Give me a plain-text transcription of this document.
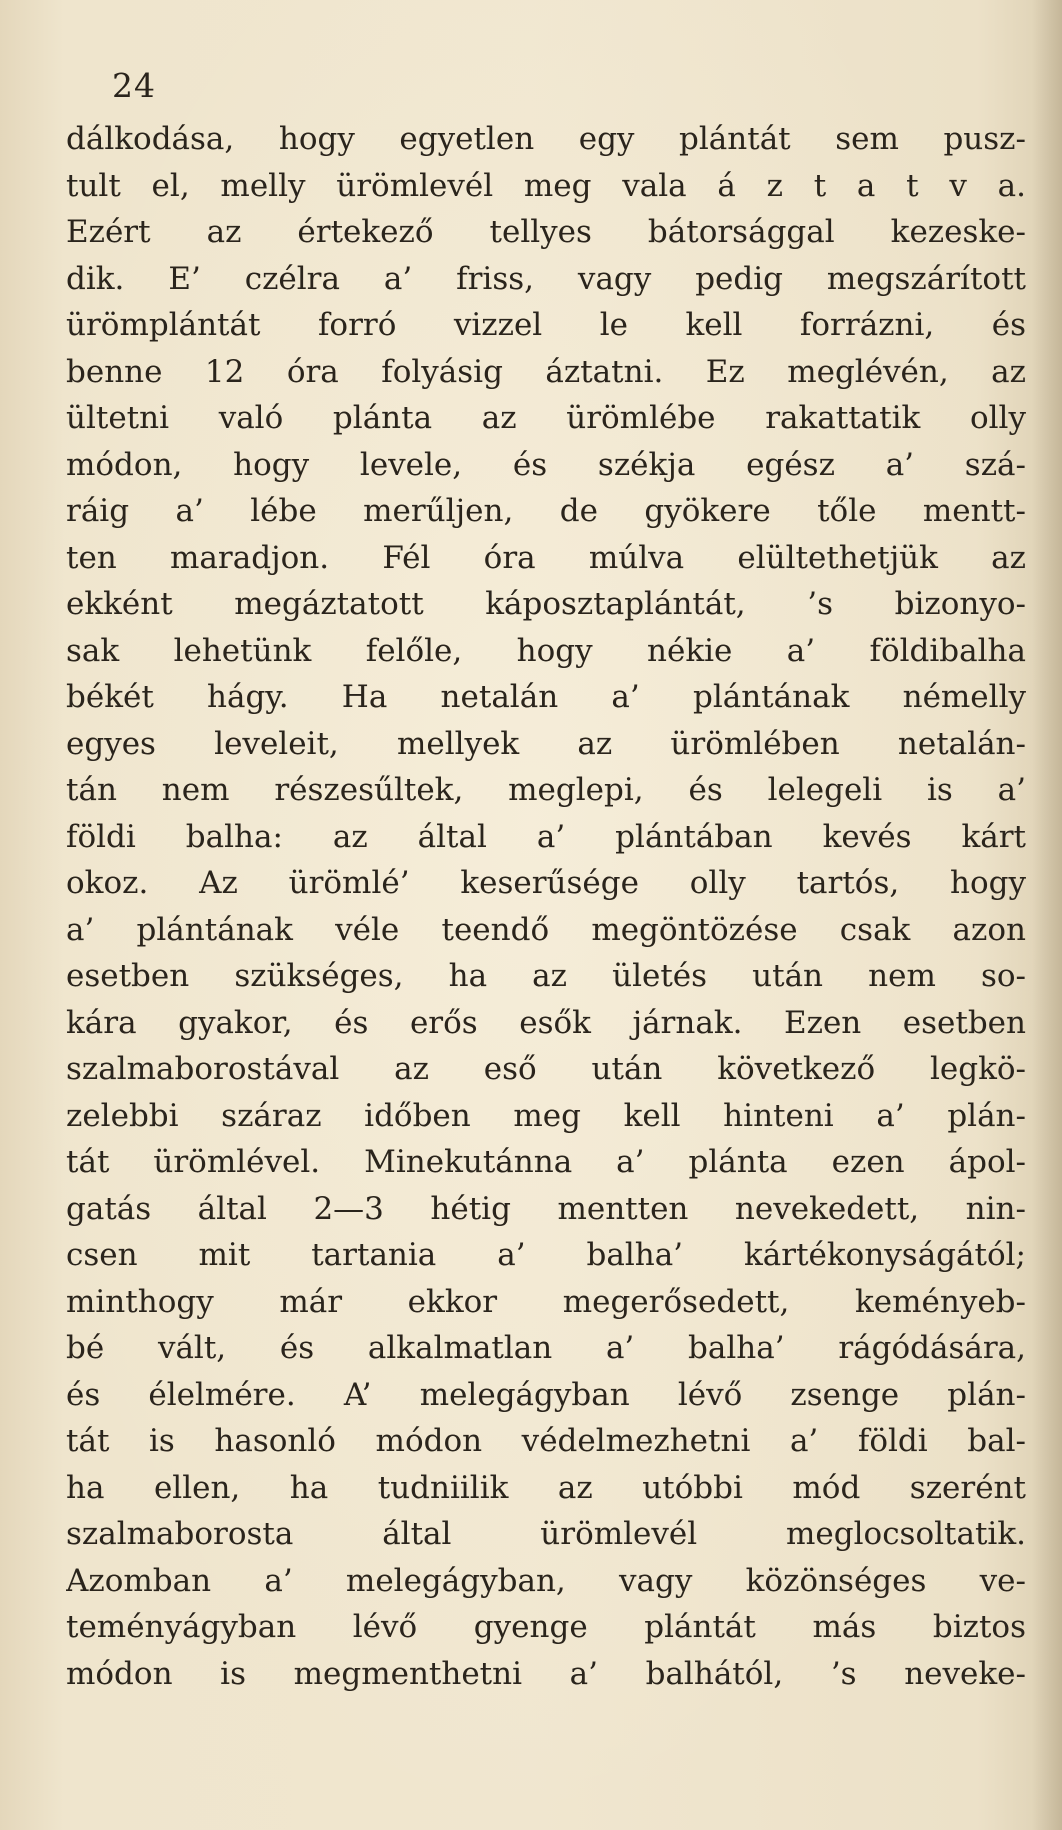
24
dálkodása, hogy egyetlen egy plántát sem pusz-
tult el, melly ürömlevél meg vala á z t a t v a.
Ezért az értekező tellyes bátorsággal kezeske-
dik. E’ czélra a’ friss, vagy pedig megszárított
ürömplántát forró vizzel le kell forrázni, és
benne 12 óra folyásig áztatni. Ez meglévén, az
ültetni való plánta az ürömlébe rakattatik olly
módon, hogy levele, és székja egész a’ szá-
ráig a’ lébe merűljen, de gyökere tőle mentt-
ten maradjon. Fél óra múlva elültethetjük az
ekként megáztatott káposztaplántát, ’s bizonyo-
sak lehetünk felőle, hogy nékie a’ földibalha
békét hágy. Ha netalán a’ plántának némelly
egyes leveleit, mellyek az ürömlében netalán-
tán nem részesűltek, meglepi, és lelegeli is a’
földi balha: az által a’ plántában kevés kárt
okoz. Az ürömlé’ keserűsége olly tartós, hogy
a’ plántának véle teendő megöntözése csak azon
esetben szükséges, ha az ületés után nem so-
kára gyakor, és erős esők járnak. Ezen esetben
szalmaborostával az eső után következő legkö-
zelebbi száraz időben meg kell hinteni a’ plán-
tát ürömlével. Minekutánna a’ plánta ezen ápol-
gatás által 2—3 hétig mentten nevekedett, nin-
csen mit tartania a’ balha’ kártékonyságától;
minthogy már ekkor megerősedett, keményeb-
bé vált, és alkalmatlan a’ balha’ rágódására,
és élelmére. A’ melegágyban lévő zsenge plán-
tát is hasonló módon védelmezhetni a’ földi bal-
ha ellen, ha tudniilik az utóbbi mód szerént
szalmaborosta által ürömlevél meglocsoltatik.
Azomban a’ melegágyban, vagy közönséges ve-
teményágyban lévő gyenge plántát más biztos
módon is megmenthetni a’ balhától, ’s neveke-
